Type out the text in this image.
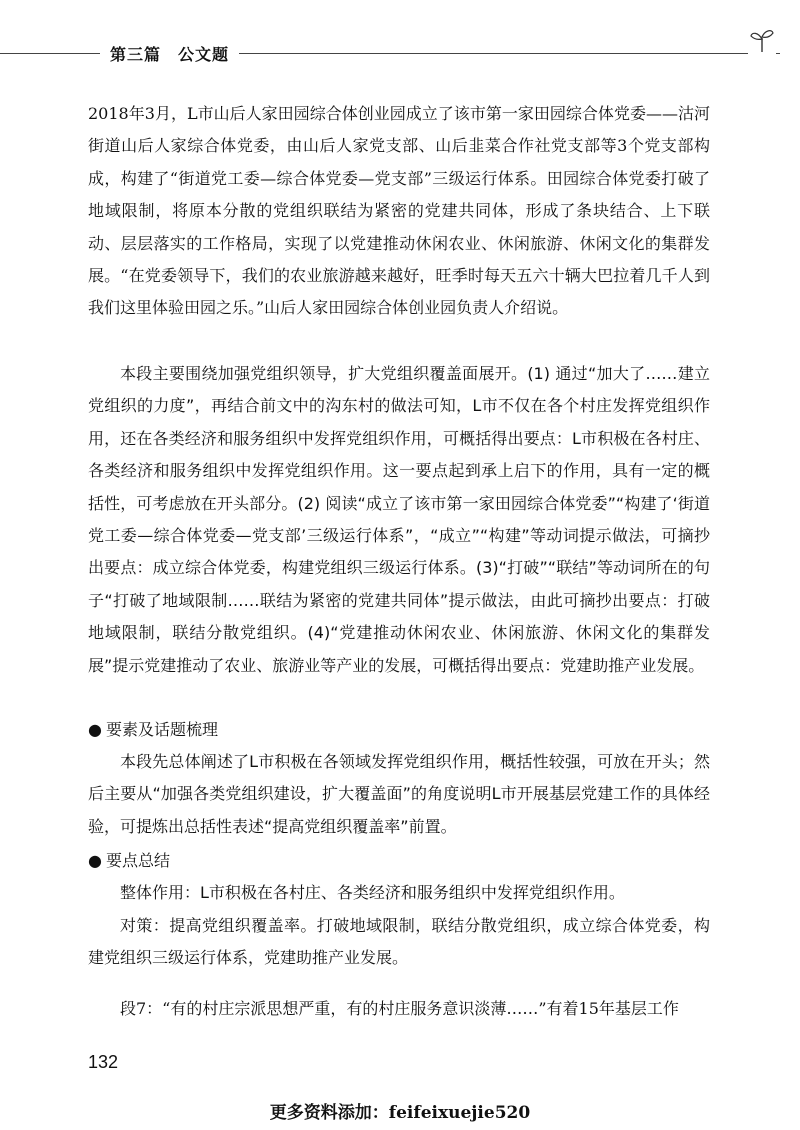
第三篇　公文题

2018年3月，L市山后人家田园综合体创业园成立了该市第一家田园综合体党委——沽河街道山后人家综合体党委，由山后人家党支部、山后韭菜合作社党支部等3个党支部构成，构建了“街道党工委—综合体党委—党支部”三级运行体系。田园综合体党委打破了地域限制，将原本分散的党组织联结为紧密的党建共同体，形成了条块结合、上下联动、层层落实的工作格局，实现了以党建推动休闲农业、休闲旅游、休闲文化的集群发展。“在党委领导下，我们的农业旅游越来越好，旺季时每天五六十辆大巴拉着几千人到我们这里体验田园之乐。”山后人家田园综合体创业园负责人介绍说。

本段主要围绕加强党组织领导，扩大党组织覆盖面展开。(1) 通过“加大了……建立党组织的力度”，再结合前文中的沟东村的做法可知，L市不仅在各个村庄发挥党组织作用，还在各类经济和服务组织中发挥党组织作用，可概括得出要点：L市积极在各村庄、各类经济和服务组织中发挥党组织作用。这一要点起到承上启下的作用，具有一定的概括性，可考虑放在开头部分。(2) 阅读“成立了该市第一家田园综合体党委”“构建了‘街道党工委—综合体党委—党支部’三级运行体系”，“成立”“构建”等动词提示做法，可摘抄出要点：成立综合体党委，构建党组织三级运行体系。(3)“打破”“联结”等动词所在的句子“打破了地域限制……联结为紧密的党建共同体”提示做法，由此可摘抄出要点：打破地域限制，联结分散党组织。(4)“党建推动休闲农业、休闲旅游、休闲文化的集群发展”提示党建推动了农业、旅游业等产业的发展，可概括得出要点：党建助推产业发展。

● 要素及话题梳理

本段先总体阐述了L市积极在各领域发挥党组织作用，概括性较强，可放在开头；然后主要从“加强各类党组织建设，扩大覆盖面”的角度说明L市开展基层党建工作的具体经验，可提炼出总括性表述“提高党组织覆盖率”前置。

● 要点总结

整体作用：L市积极在各村庄、各类经济和服务组织中发挥党组织作用。

对策：提高党组织覆盖率。打破地域限制，联结分散党组织，成立综合体党委，构建党组织三级运行体系，党建助推产业发展。

段7：“有的村庄宗派思想严重，有的村庄服务意识淡薄……”有着15年基层工作

132
更多资料添加：feifeixuejie520
